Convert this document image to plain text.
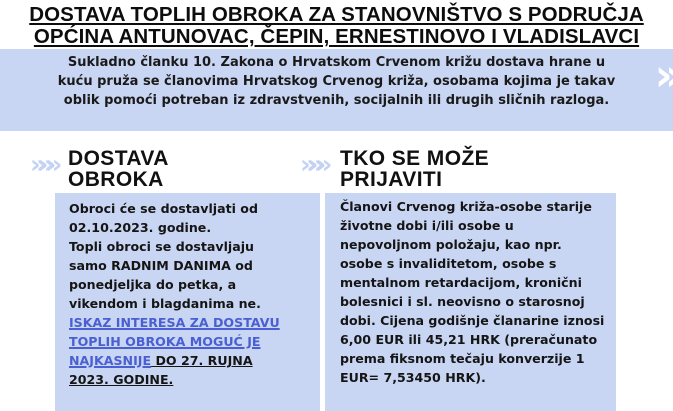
DOSTAVA TOPLIH OBROKA ZA STANOVNIŠTVO S PODRUČJA
OPĆINA ANTUNOVAC, ČEPIN, ERNESTINOVO I VLADISLAVCI
Sukladno članku 10. Zakona o Hrvatskom Crvenom križu dostava hrane u kuću pruža se članovima Hrvatskog Crvenog križa, osobama kojima je takav oblik pomoći potreban iz zdravstvenih, socijalnih ili drugih sličnih razloga. »
»»» DOSTAVA
OBROKA
Obroci će se dostavljati od 02.10.2023. godine.
Topli obroci se dostavljaju samo RADNIM DANIMA od ponedjeljka do petka, a vikendom i blagdanima ne.
ISKAZ INTERESA ZA DOSTAVU TOPLIH OBROKA MOGUĆ JE NAJKASNIJE DO 27. RUJNA 2023. GODINE.
»»» TKO SE MOŽE
PRIJAVITI
Članovi Crvenog križa-osobe starije životne dobi i/ili osobe u nepovoljnom položaju, kao npr. osobe s invaliditetom, osobe s mentalnom retardacijom, kronični bolesnici i sl. neovisno o starosnoj dobi. Cijena godišnje članarine iznosi 6,00 EUR ili 45,21 HRK (preračunato prema fiksnom tečaju konverzije 1 EUR= 7,53450 HRK).
